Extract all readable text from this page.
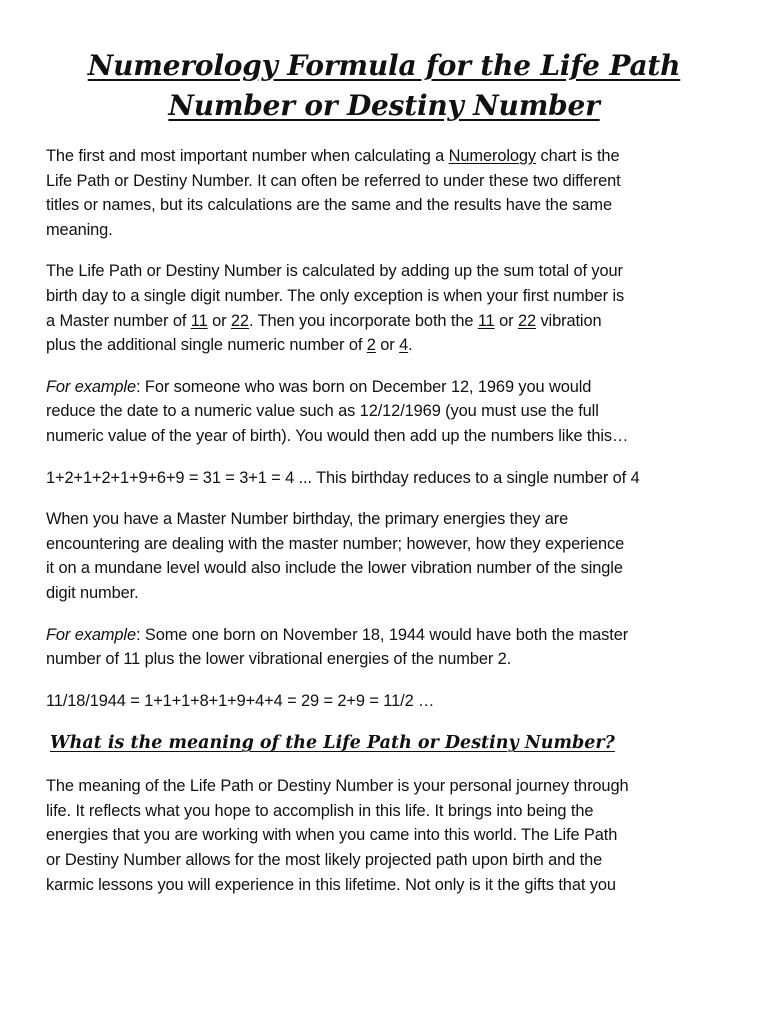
Numerology Formula for the Life Path
Number or Destiny Number

The first and most important number when calculating a Numerology chart is the
Life Path or Destiny Number. It can often be referred to under these two different
titles or names, but its calculations are the same and the results have the same
meaning.

The Life Path or Destiny Number is calculated by adding up the sum total of your
birth day to a single digit number. The only exception is when your first number is
a Master number of 11 or 22. Then you incorporate both the 11 or 22 vibration
plus the additional single numeric number of 2 or 4.

For example: For someone who was born on December 12, 1969 you would
reduce the date to a numeric value such as 12/12/1969 (you must use the full
numeric value of the year of birth). You would then add up the numbers like this…

1+2+1+2+1+9+6+9 = 31 = 3+1 = 4 ... This birthday reduces to a single number of 4

When you have a Master Number birthday, the primary energies they are
encountering are dealing with the master number; however, how they experience
it on a mundane level would also include the lower vibration number of the single
digit number.

For example: Some one born on November 18, 1944 would have both the master
number of 11 plus the lower vibrational energies of the number 2.

11/18/1944 = 1+1+1+8+1+9+4+4 = 29 = 2+9 = 11/2 …

What is the meaning of the Life Path or Destiny Number?

The meaning of the Life Path or Destiny Number is your personal journey through
life. It reflects what you hope to accomplish in this life. It brings into being the
energies that you are working with when you came into this world. The Life Path
or Destiny Number allows for the most likely projected path upon birth and the
karmic lessons you will experience in this lifetime. Not only is it the gifts that you
